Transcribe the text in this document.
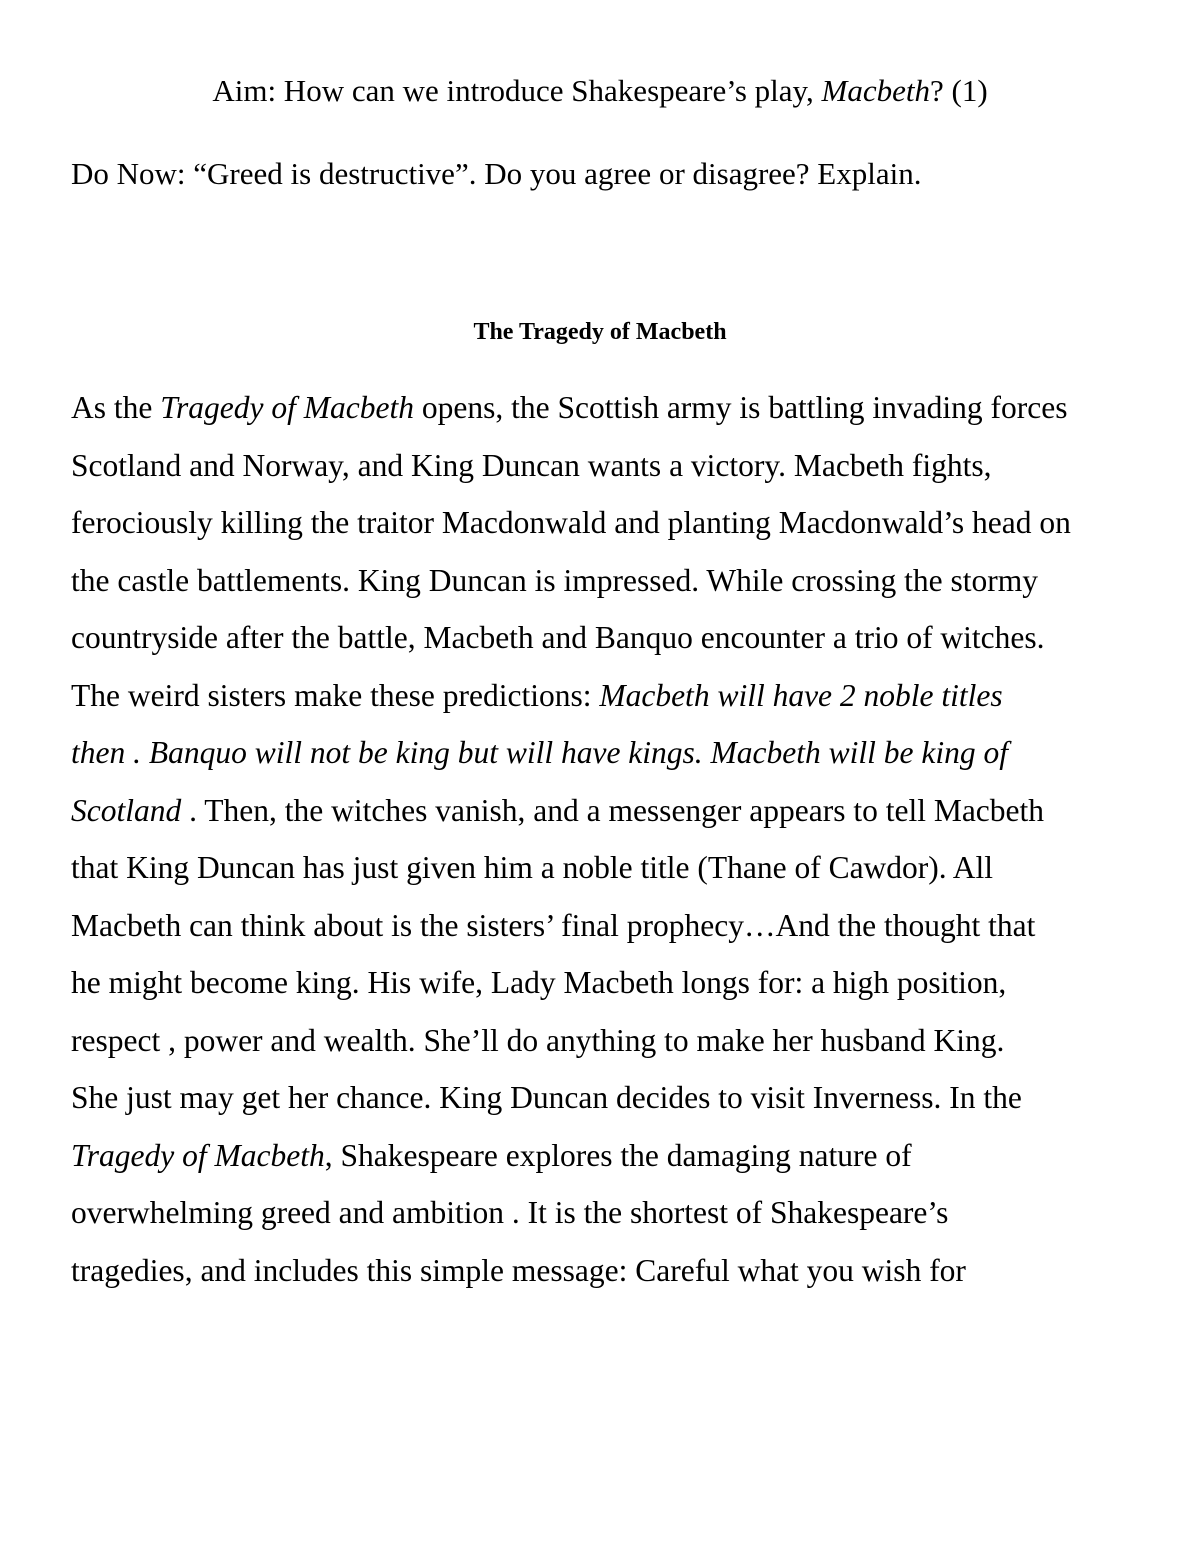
Aim: How can we introduce Shakespeare’s play, Macbeth? (1)
Do Now: “Greed is destructive”. Do you agree or disagree? Explain.
The Tragedy of Macbeth
As the Tragedy of Macbeth opens, the Scottish army is battling invading forces
Scotland and Norway, and King Duncan wants a victory. Macbeth fights,
ferociously killing the traitor Macdonwald and planting Macdonwald’s head on
the castle battlements. King Duncan is impressed. While crossing the stormy
countryside after the battle, Macbeth and Banquo encounter a trio of witches.
The weird sisters make these predictions: Macbeth will have 2 noble titles
then . Banquo will not be king but will have kings. Macbeth will be king of
Scotland . Then, the witches vanish, and a messenger appears to tell Macbeth
that King Duncan has just given him a noble title (Thane of Cawdor). All
Macbeth can think about is the sisters’ final prophecy…And the thought that
he might become king. His wife, Lady Macbeth longs for: a high position,
respect , power and wealth. She’ll do anything to make her husband King.
She just may get her chance. King Duncan decides to visit Inverness. In the
Tragedy of Macbeth, Shakespeare explores the damaging nature of
overwhelming greed and ambition . It is the shortest of Shakespeare’s
tragedies, and includes this simple message: Careful what you wish for
